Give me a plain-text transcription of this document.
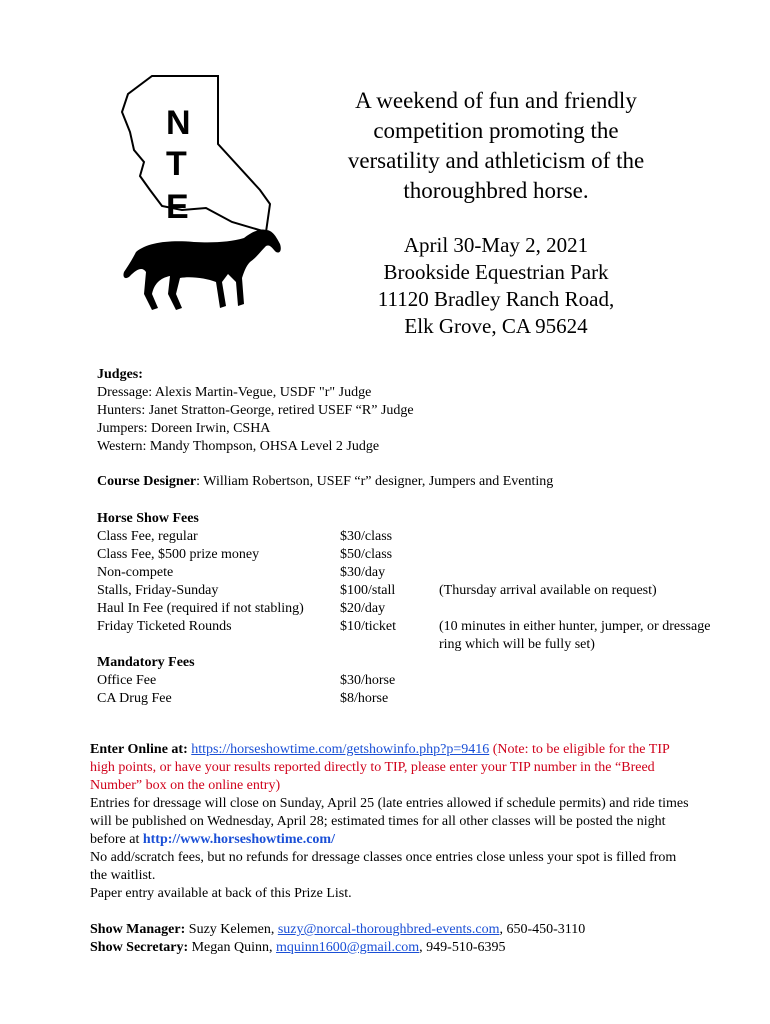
N
T
E
A weekend of fun and friendly
competition promoting the
versatility and athleticism of the
thoroughbred horse.
April 30-May 2, 2021
Brookside Equestrian Park
11120 Bradley Ranch Road,
Elk Grove, CA 95624
Judges:
Dressage: Alexis Martin-Vegue, USDF "r" Judge
Hunters: Janet Stratton-George, retired USEF “R” Judge
Jumpers: Doreen Irwin, CSHA
Western: Mandy Thompson, OHSA Level 2 Judge
Course Designer: William Robertson, USEF “r” designer, Jumpers and Eventing
Horse Show Fees
Class Fee, regular	$30/class
Class Fee, $500 prize money	$50/class
Non-compete	$30/day
Stalls, Friday-Sunday	$100/stall	(Thursday arrival available on request)
Haul In Fee (required if not stabling)	$20/day
Friday Ticketed Rounds	$10/ticket	(10 minutes in either hunter, jumper, or dressage
ring which will be fully set)
Mandatory Fees
Office Fee	$30/horse
CA Drug Fee	$8/horse
Enter Online at: https://horseshowtime.com/getshowinfo.php?p=9416 (Note: to be eligible for the TIP high points, or have your results reported directly to TIP, please enter your TIP number in the “Breed Number” box on the online entry)
Entries for dressage will close on Sunday, April 25 (late entries allowed if schedule permits) and ride times will be published on Wednesday, April 28; estimated times for all other classes will be posted the night before at http://www.horseshowtime.com/
No add/scratch fees, but no refunds for dressage classes once entries close unless your spot is filled from the waitlist.
Paper entry available at back of this Prize List.
Show Manager: Suzy Kelemen, suzy@norcal-thoroughbred-events.com, 650-450-3110
Show Secretary: Megan Quinn, mquinn1600@gmail.com, 949-510-6395
